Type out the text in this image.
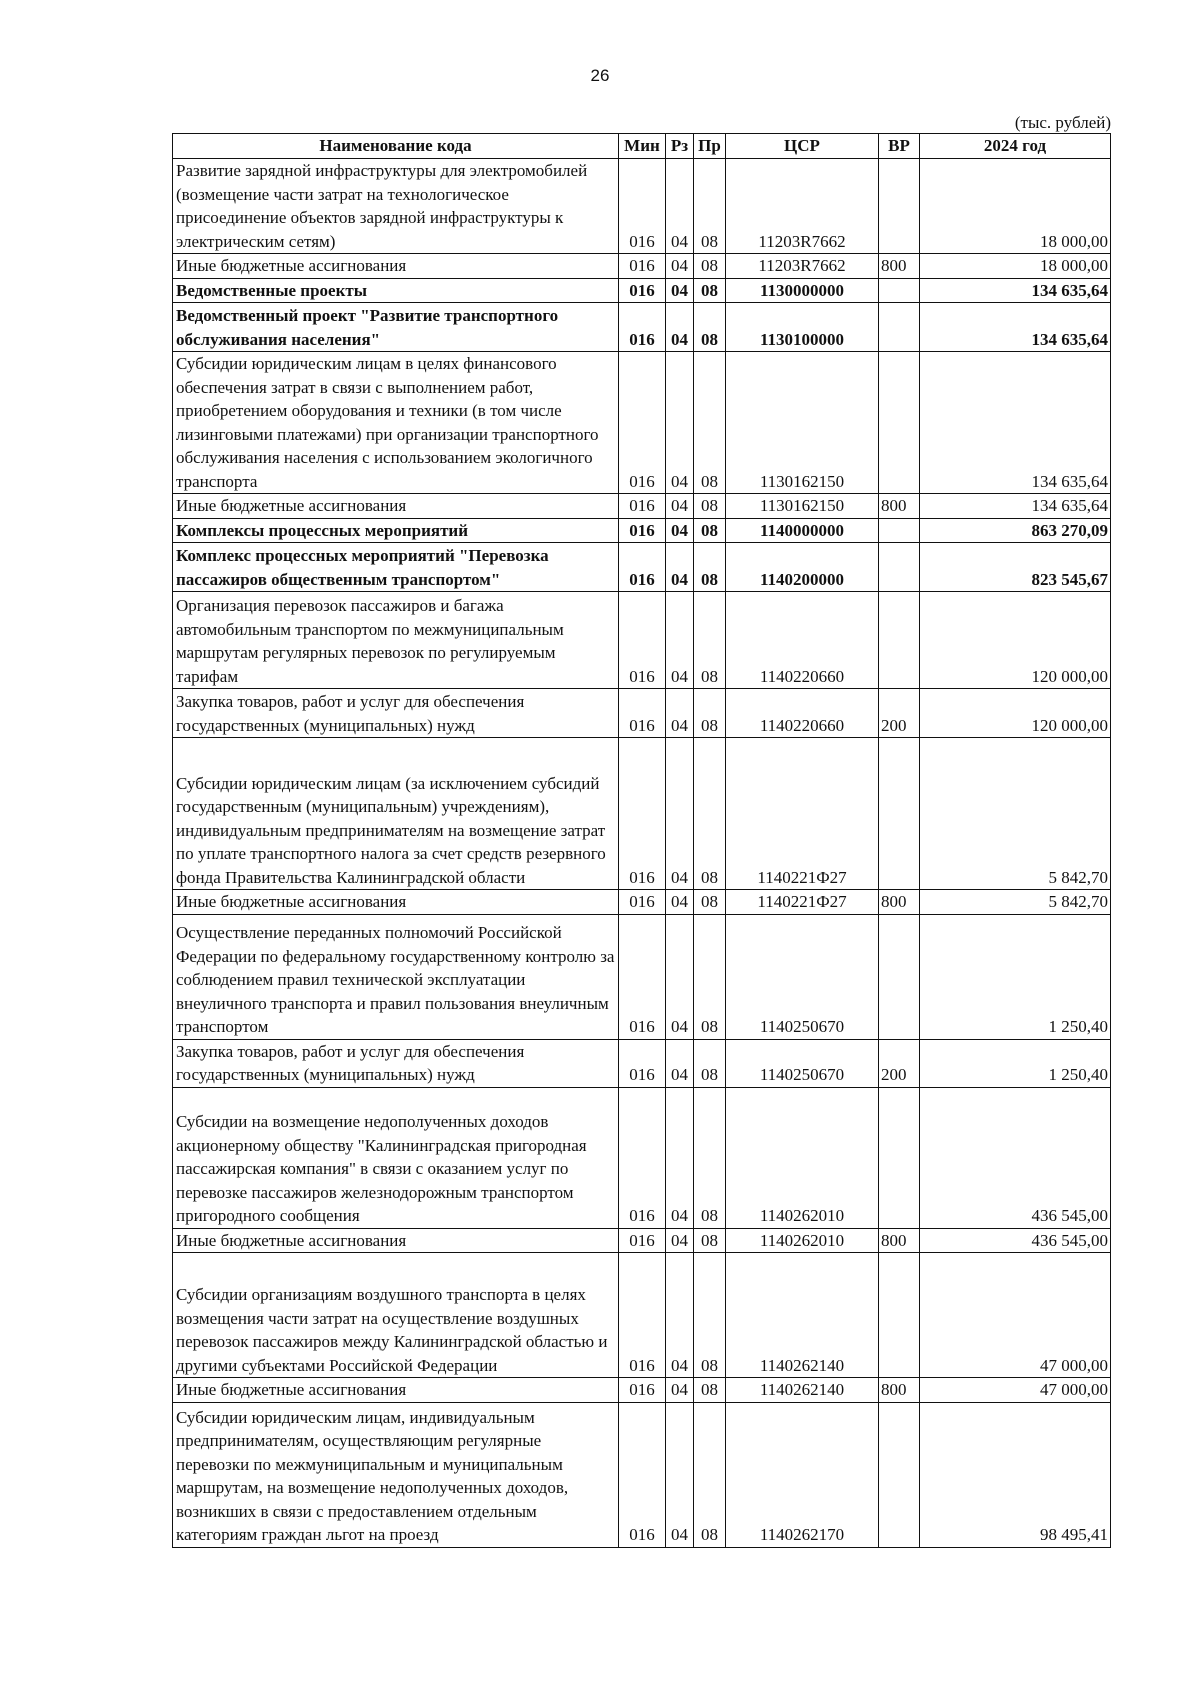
26
(тыс. рублей)
Наименование кода	Мин	Рз	Пр	ЦСР	ВР	2024 год
Развитие зарядной инфраструктуры для электромобилей (возмещение части затрат на технологическое присоединение объектов зарядной инфраструктуры к электрическим сетям)	016	04	08	11203R7662		18 000,00
Иные бюджетные ассигнования	016	04	08	11203R7662	800	18 000,00
Ведомственные проекты	016	04	08	1130000000		134 635,64
Ведомственный проект "Развитие транспортного обслуживания населения"	016	04	08	1130100000		134 635,64
Субсидии юридическим лицам в целях финансового обеспечения затрат в связи с выполнением работ, приобретением оборудования и техники (в том числе лизинговыми платежами) при организации транспортного обслуживания населения с использованием экологичного транспорта	016	04	08	1130162150		134 635,64
Иные бюджетные ассигнования	016	04	08	1130162150	800	134 635,64
Комплексы процессных мероприятий	016	04	08	1140000000		863 270,09
Комплекс процессных мероприятий "Перевозка пассажиров общественным транспортом"	016	04	08	1140200000		823 545,67
Организация перевозок пассажиров и багажа автомобильным транспортом по межмуниципальным маршрутам регулярных перевозок по регулируемым тарифам	016	04	08	1140220660		120 000,00
Закупка товаров, работ и услуг для обеспечения государственных (муниципальных) нужд	016	04	08	1140220660	200	120 000,00
Субсидии юридическим лицам (за исключением субсидий государственным (муниципальным) учреждениям), индивидуальным предпринимателям на возмещение затрат по уплате транспортного налога за счет средств резервного фонда Правительства Калининградской области	016	04	08	1140221Ф27		5 842,70
Иные бюджетные ассигнования	016	04	08	1140221Ф27	800	5 842,70
Осуществление переданных полномочий Российской Федерации по федеральному государственному контролю за соблюдением правил технической эксплуатации внеуличного транспорта и правил пользования внеуличным транспортом	016	04	08	1140250670		1 250,40
Закупка товаров, работ и услуг для обеспечения государственных (муниципальных) нужд	016	04	08	1140250670	200	1 250,40
Субсидии на возмещение недополученных доходов акционерному обществу "Калининградская пригородная пассажирская компания" в связи с оказанием услуг по перевозке пассажиров железнодорожным транспортом пригородного сообщения	016	04	08	1140262010		436 545,00
Иные бюджетные ассигнования	016	04	08	1140262010	800	436 545,00
Субсидии организациям воздушного транспорта в целях возмещения части затрат на осуществление воздушных перевозок пассажиров между Калининградской областью и другими субъектами Российской Федерации	016	04	08	1140262140		47 000,00
Иные бюджетные ассигнования	016	04	08	1140262140	800	47 000,00
Субсидии юридическим лицам, индивидуальным предпринимателям, осуществляющим регулярные перевозки по межмуниципальным и муниципальным маршрутам, на возмещение недополученных доходов, возникших в связи с предоставлением отдельным категориям граждан льгот на проезд	016	04	08	1140262170		98 495,41
